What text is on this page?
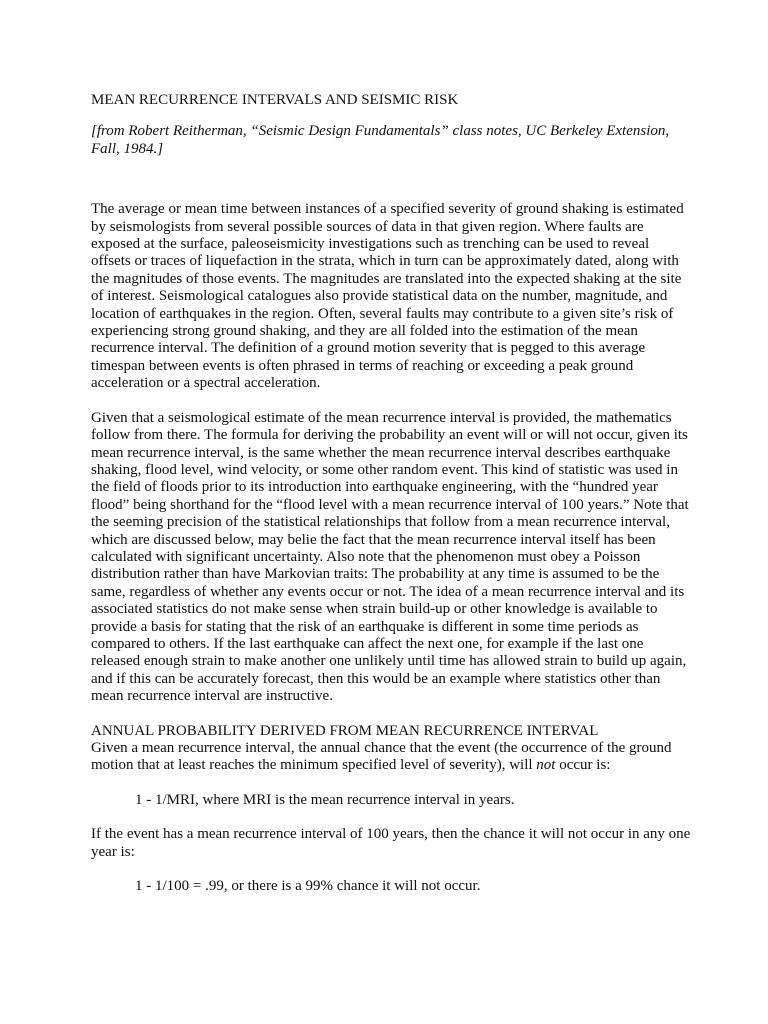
MEAN RECURRENCE INTERVALS AND SEISMIC RISK

[from Robert Reitherman, “Seismic Design Fundamentals” class notes, UC Berkeley Extension, Fall, 1984.]

The average or mean time between instances of a specified severity of ground shaking is estimated by seismologists from several possible sources of data in that given region. Where faults are exposed at the surface, paleoseismicity investigations such as trenching can be used to reveal offsets or traces of liquefaction in the strata, which in turn can be approximately dated, along with the magnitudes of those events. The magnitudes are translated into the expected shaking at the site of interest. Seismological catalogues also provide statistical data on the number, magnitude, and location of earthquakes in the region. Often, several faults may contribute to a given site’s risk of experiencing strong ground shaking, and they are all folded into the estimation of the mean recurrence interval. The definition of a ground motion severity that is pegged to this average timespan between events is often phrased in terms of reaching or exceeding a peak ground acceleration or a spectral acceleration.

Given that a seismological estimate of the mean recurrence interval is provided, the mathematics follow from there. The formula for deriving the probability an event will or will not occur, given its mean recurrence interval, is the same whether the mean recurrence interval describes earthquake shaking, flood level, wind velocity, or some other random event. This kind of statistic was used in the field of floods prior to its introduction into earthquake engineering, with the “hundred year flood” being shorthand for the “flood level with a mean recurrence interval of 100 years.” Note that the seeming precision of the statistical relationships that follow from a mean recurrence interval, which are discussed below, may belie the fact that the mean recurrence interval itself has been calculated with significant uncertainty. Also note that the phenomenon must obey a Poisson distribution rather than have Markovian traits: The probability at any time is assumed to be the same, regardless of whether any events occur or not. The idea of a mean recurrence interval and its associated statistics do not make sense when strain build-up or other knowledge is available to provide a basis for stating that the risk of an earthquake is different in some time periods as compared to others. If the last earthquake can affect the next one, for example if the last one released enough strain to make another one unlikely until time has allowed strain to build up again, and if this can be accurately forecast, then this would be an example where statistics other than mean recurrence interval are instructive.

ANNUAL PROBABILITY DERIVED FROM MEAN RECURRENCE INTERVAL

Given a mean recurrence interval, the annual chance that the event (the occurrence of the ground motion that at least reaches the minimum specified level of severity), will not occur is:

1 - 1/MRI, where MRI is the mean recurrence interval in years.

If the event has a mean recurrence interval of 100 years, then the chance it will not occur in any one year is:

1 - 1/100 = .99, or there is a 99% chance it will not occur.
